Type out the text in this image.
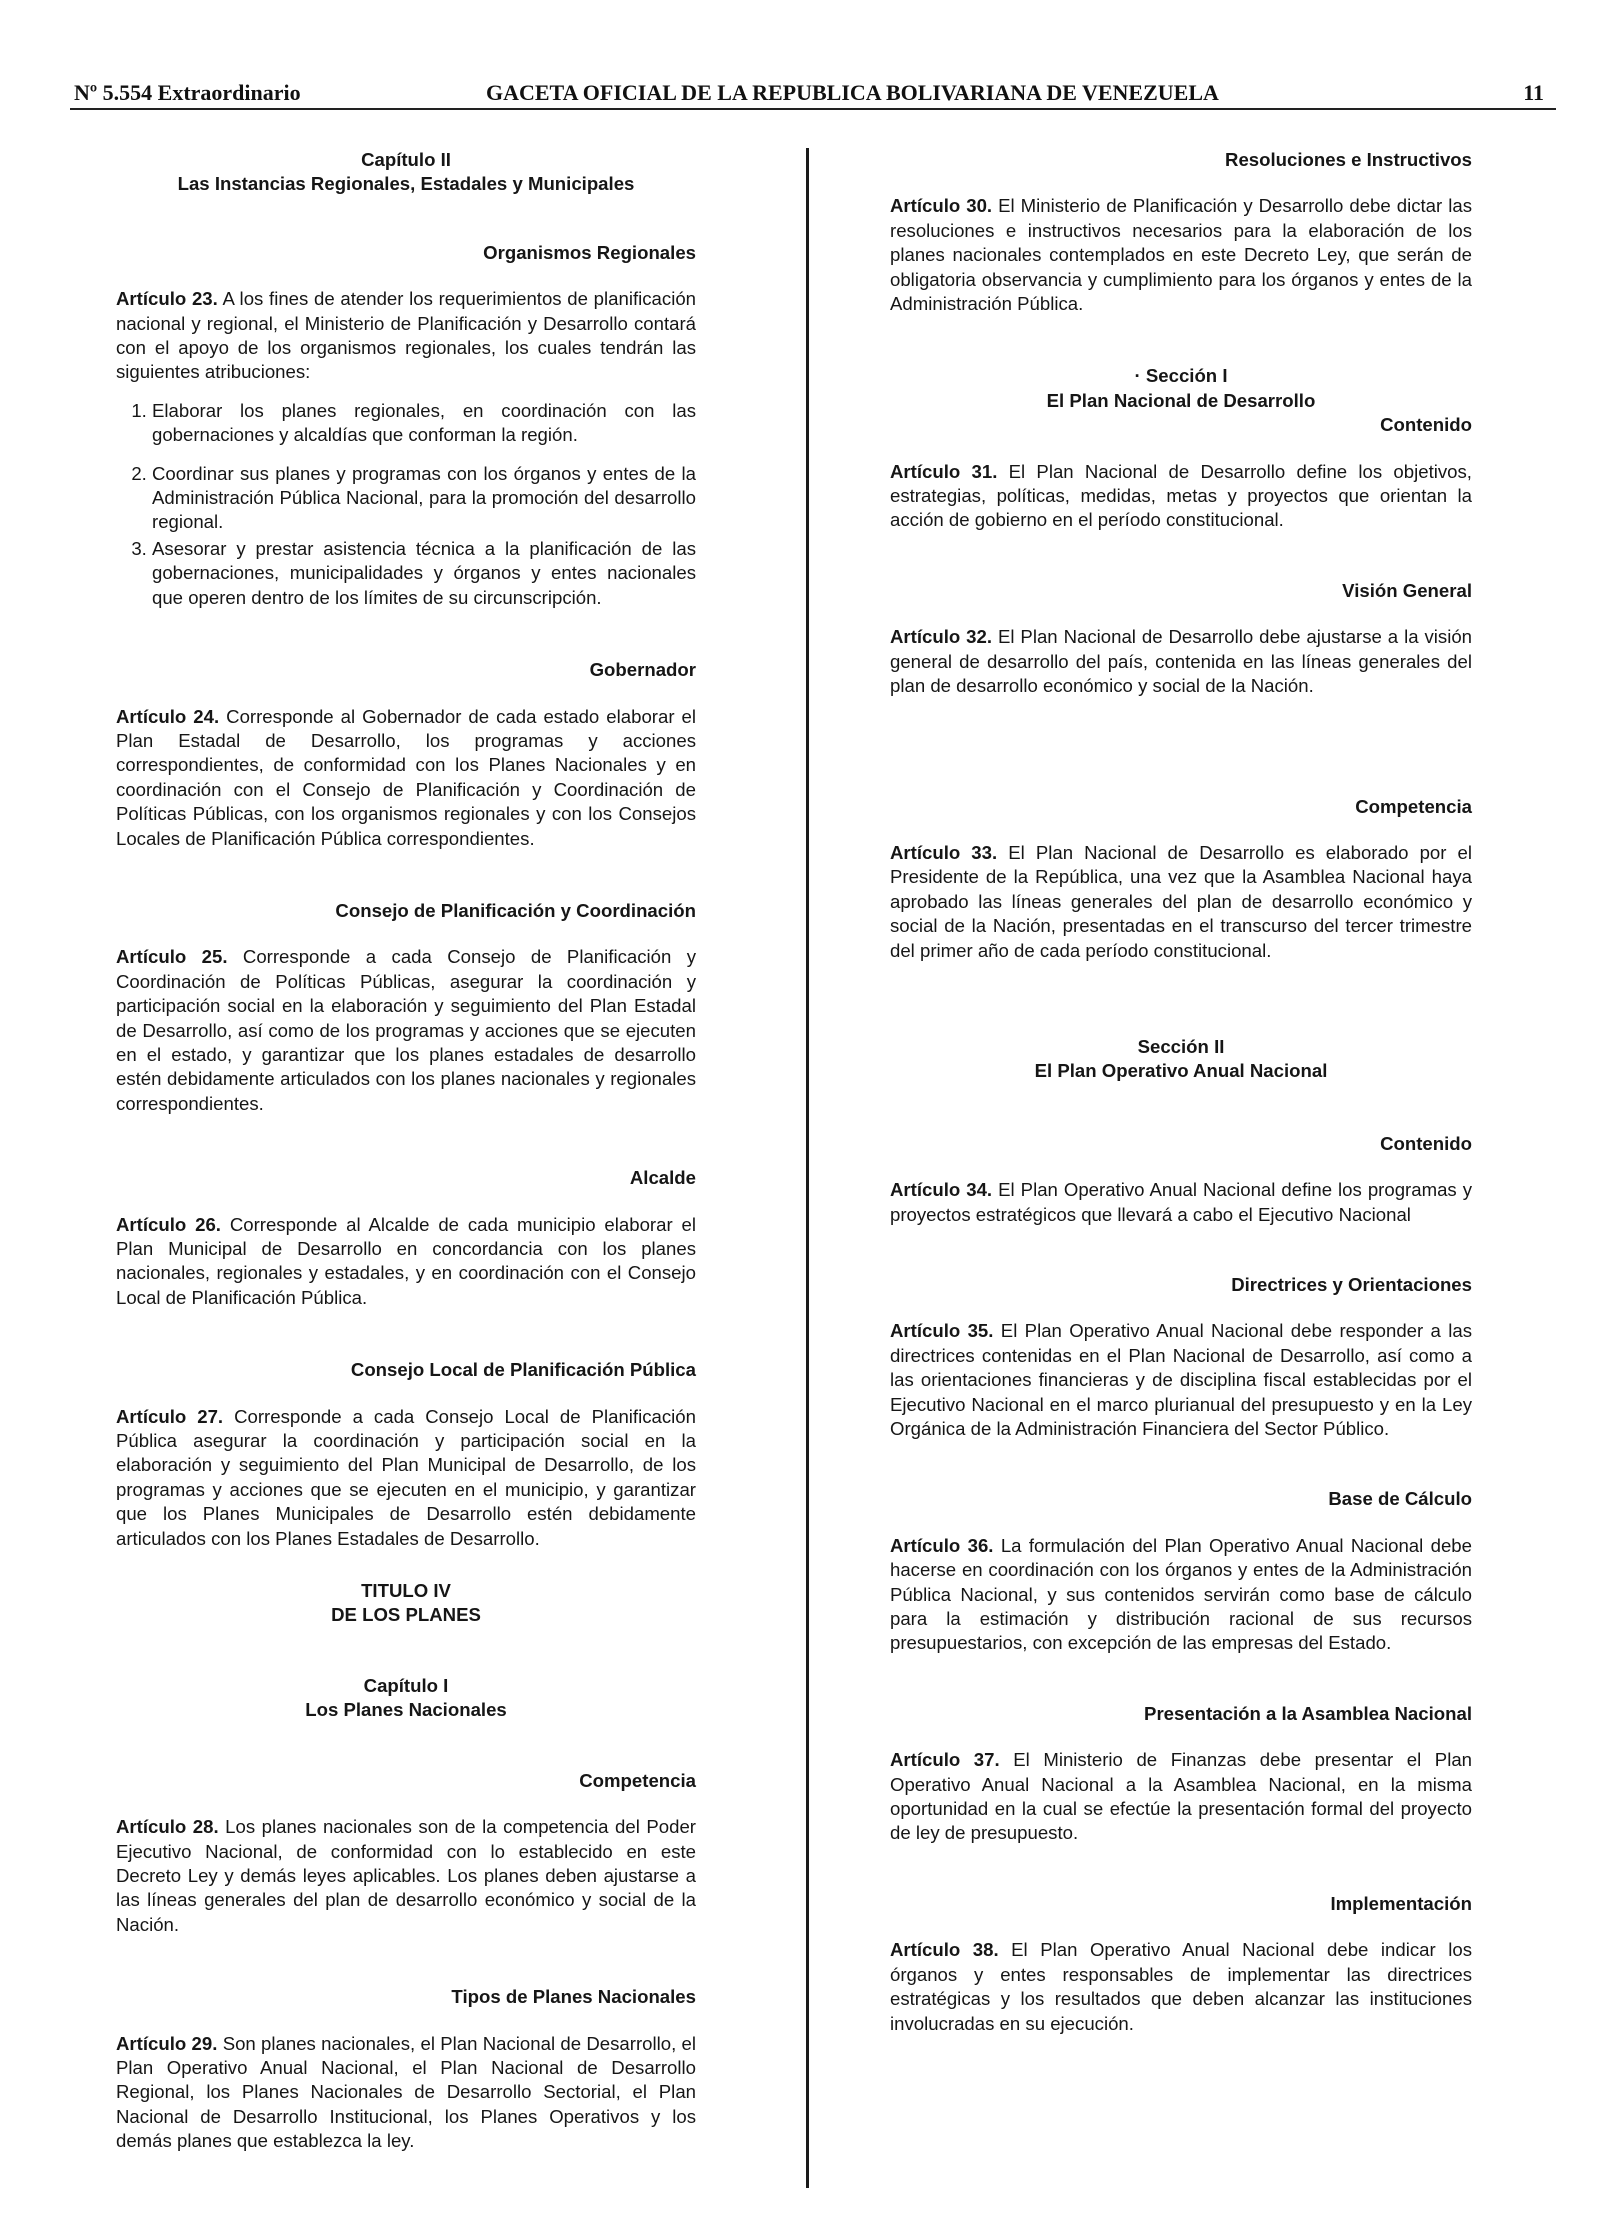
Nº 5.554 Extraordinario	GACETA OFICIAL DE LA REPUBLICA BOLIVARIANA DE VENEZUELA	11

Capítulo II

Las Instancias Regionales, Estadales y Municipales

Organismos Regionales

Artículo 23. A los fines de atender los requerimientos de planificación nacional y regional, el Ministerio de Planificación y Desarrollo contará con el apoyo de los organismos regionales, los cuales tendrán las siguientes atribuciones:

1. Elaborar los planes regionales, en coordinación con las gobernaciones y alcaldías que conforman la región.
2. Coordinar sus planes y programas con los órganos y entes de la Administración Pública Nacional, para la promoción del desarrollo regional.
3. Asesorar y prestar asistencia técnica a la planificación de las gobernaciones, municipalidades y órganos y entes nacionales que operen dentro de los límites de su circunscripción.

Gobernador

Artículo 24. Corresponde al Gobernador de cada estado elaborar el Plan Estadal de Desarrollo, los programas y acciones correspondientes, de conformidad con los Planes Nacionales y en coordinación con el Consejo de Planificación y Coordinación de Políticas Públicas, con los organismos regionales y con los Consejos Locales de Planificación Pública correspondientes.

Consejo de Planificación y Coordinación

Artículo 25. Corresponde a cada Consejo de Planificación y Coordinación de Políticas Públicas, asegurar la coordinación y participación social en la elaboración y seguimiento del Plan Estadal de Desarrollo, así como de los programas y acciones que se ejecuten en el estado, y garantizar que los planes estadales de desarrollo estén debidamente articulados con los planes nacionales y regionales correspondientes.

Alcalde

Artículo 26. Corresponde al Alcalde de cada municipio elaborar el Plan Municipal de Desarrollo en concordancia con los planes nacionales, regionales y estadales, y en coordinación con el Consejo Local de Planificación Pública.

Consejo Local de Planificación Pública

Artículo 27. Corresponde a cada Consejo Local de Planificación Pública asegurar la coordinación y participación social en la elaboración y seguimiento del Plan Municipal de Desarrollo, de los programas y acciones que se ejecuten en el municipio, y garantizar que los Planes Municipales de Desarrollo estén debidamente articulados con los Planes Estadales de Desarrollo.

TITULO IV

DE LOS PLANES

Capítulo I

Los Planes Nacionales

Competencia

Artículo 28. Los planes nacionales son de la competencia del Poder Ejecutivo Nacional, de conformidad con lo establecido en este Decreto Ley y demás leyes aplicables. Los planes deben ajustarse a las líneas generales del plan de desarrollo económico y social de la Nación.

Tipos de Planes Nacionales

Artículo 29. Son planes nacionales, el Plan Nacional de Desarrollo, el Plan Operativo Anual Nacional, el Plan Nacional de Desarrollo Regional, los Planes Nacionales de Desarrollo Sectorial, el Plan Nacional de Desarrollo Institucional, los Planes Operativos y los demás planes que establezca la ley.

Resoluciones e Instructivos

Artículo 30. El Ministerio de Planificación y Desarrollo debe dictar las resoluciones e instructivos necesarios para la elaboración de los planes nacionales contemplados en este Decreto Ley, que serán de obligatoria observancia y cumplimiento para los órganos y entes de la Administración Pública.

· Sección I

El Plan Nacional de Desarrollo

Contenido

Artículo 31. El Plan Nacional de Desarrollo define los objetivos, estrategias, políticas, medidas, metas y proyectos que orientan la acción de gobierno en el período constitucional.

Visión General

Artículo 32. El Plan Nacional de Desarrollo debe ajustarse a la visión general de desarrollo del país, contenida en las líneas generales del plan de desarrollo económico y social de la Nación.

Competencia

Artículo 33. El Plan Nacional de Desarrollo es elaborado por el Presidente de la República, una vez que la Asamblea Nacional haya aprobado las líneas generales del plan de desarrollo económico y social de la Nación, presentadas en el transcurso del tercer trimestre del primer año de cada período constitucional.

Sección II

El Plan Operativo Anual Nacional

Contenido

Artículo 34. El Plan Operativo Anual Nacional define los programas y proyectos estratégicos que llevará a cabo el Ejecutivo Nacional

Directrices y Orientaciones

Artículo 35. El Plan Operativo Anual Nacional debe responder a las directrices contenidas en el Plan Nacional de Desarrollo, así como a las orientaciones financieras y de disciplina fiscal establecidas por el Ejecutivo Nacional en el marco plurianual del presupuesto y en la Ley Orgánica de la Administración Financiera del Sector Público.

Base de Cálculo

Artículo 36. La formulación del Plan Operativo Anual Nacional debe hacerse en coordinación con los órganos y entes de la Administración Pública Nacional, y sus contenidos servirán como base de cálculo para la estimación y distribución racional de sus recursos presupuestarios, con excepción de las empresas del Estado.

Presentación a la Asamblea Nacional

Artículo 37. El Ministerio de Finanzas debe presentar el Plan Operativo Anual Nacional a la Asamblea Nacional, en la misma oportunidad en la cual se efectúe la presentación formal del proyecto de ley de presupuesto.

Implementación

Artículo 38. El Plan Operativo Anual Nacional debe indicar los órganos y entes responsables de implementar las directrices estratégicas y los resultados que deben alcanzar las instituciones involucradas en su ejecución.
